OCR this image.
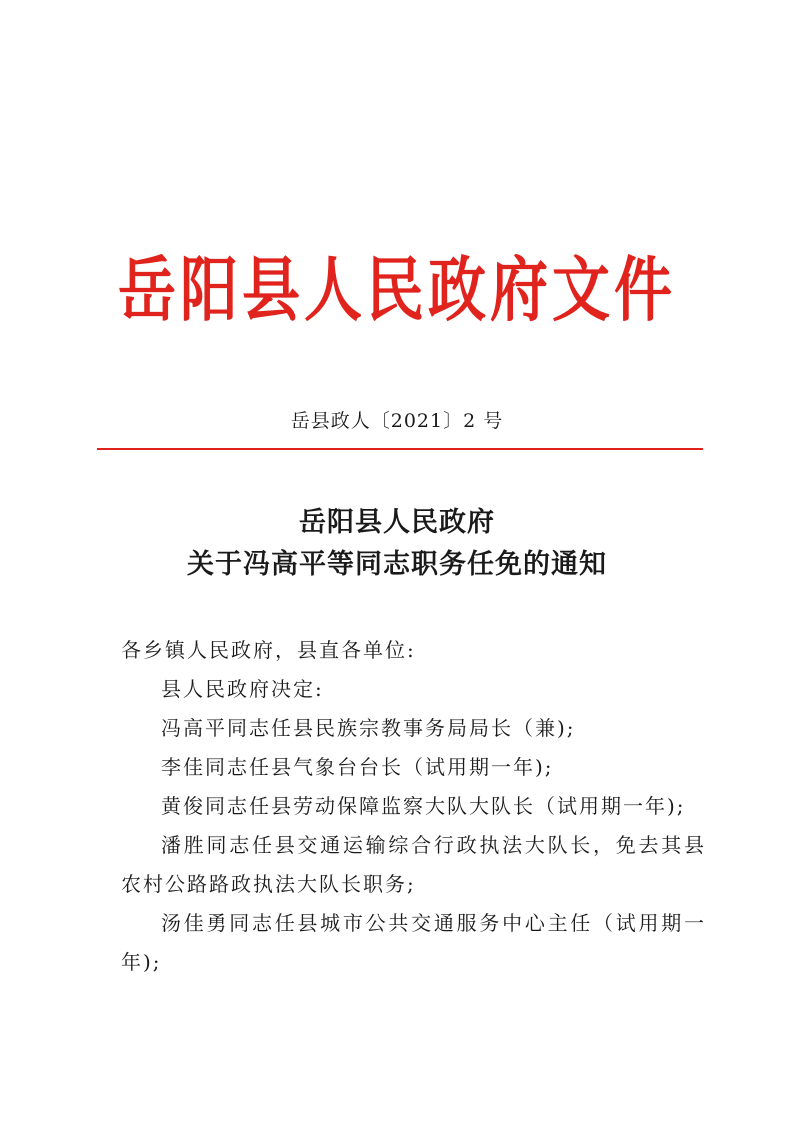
岳阳县人民政府文件
岳县政人〔2021〕2 号
岳阳县人民政府
关于冯高平等同志职务任免的通知

各乡镇人民政府，县直各单位:

县人民政府决定:

冯高平同志任县民族宗教事务局局长（兼);

李佳同志任县气象台台长（试用期一年);

黄俊同志任县劳动保障监察大队大队长（试用期一年);

潘胜同志任县交通运输综合行政执法大队长，免去其县农村公路路政执法大队长职务;

汤佳勇同志任县城市公共交通服务中心主任（试用期一年);
